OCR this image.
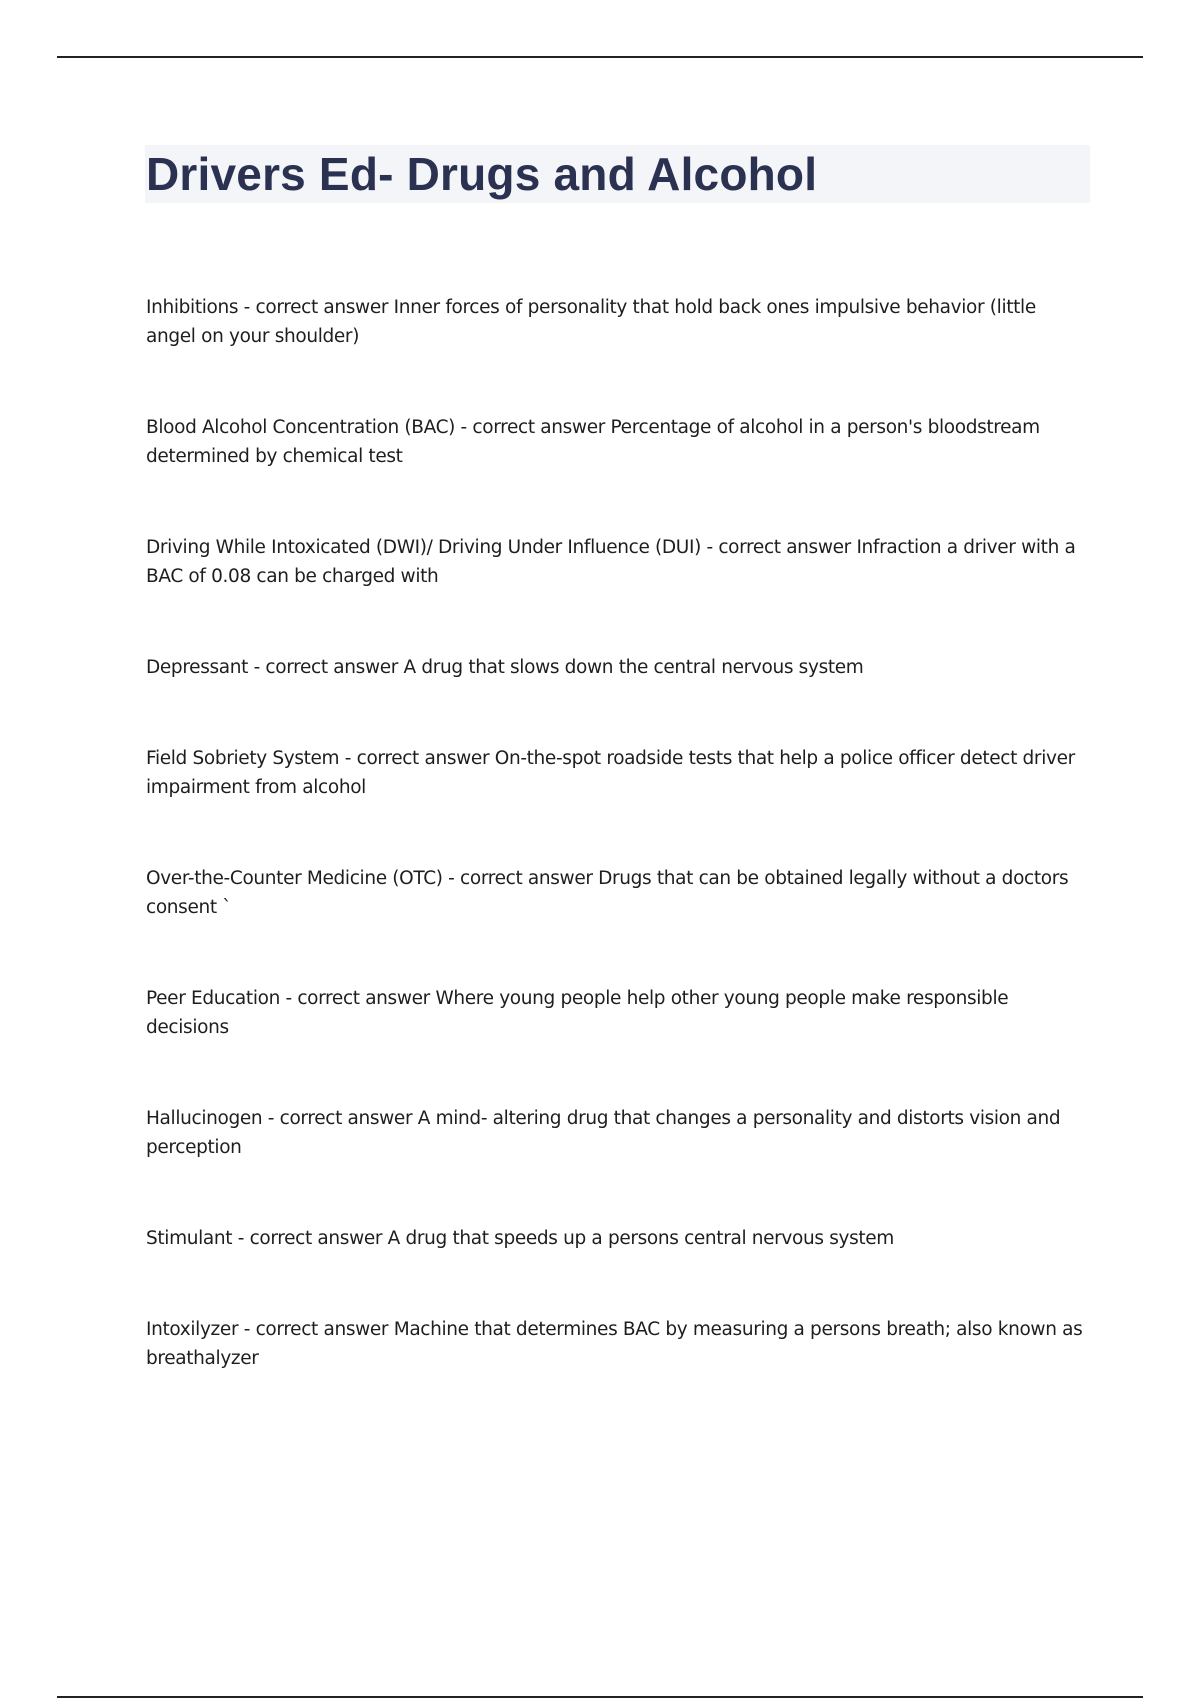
Drivers Ed- Drugs and Alcohol
Inhibitions - correct answer Inner forces of personality that hold back ones impulsive behavior (little angel on your shoulder)
Blood Alcohol Concentration (BAC) - correct answer Percentage of alcohol in a person's bloodstream determined by chemical test
Driving While Intoxicated (DWI)/ Driving Under Influence (DUI) - correct answer Infraction a driver with a BAC of 0.08 can be charged with
Depressant - correct answer A drug that slows down the central nervous system
Field Sobriety System - correct answer On-the-spot roadside tests that help a police officer detect driver impairment from alcohol
Over-the-Counter Medicine (OTC) - correct answer Drugs that can be obtained legally without a doctors consent `
Peer Education - correct answer Where young people help other young people make responsible decisions
Hallucinogen - correct answer A mind- altering drug that changes a personality and distorts vision and perception
Stimulant - correct answer A drug that speeds up a persons central nervous system
Intoxilyzer - correct answer Machine that determines BAC by measuring a persons breath; also known as breathalyzer
